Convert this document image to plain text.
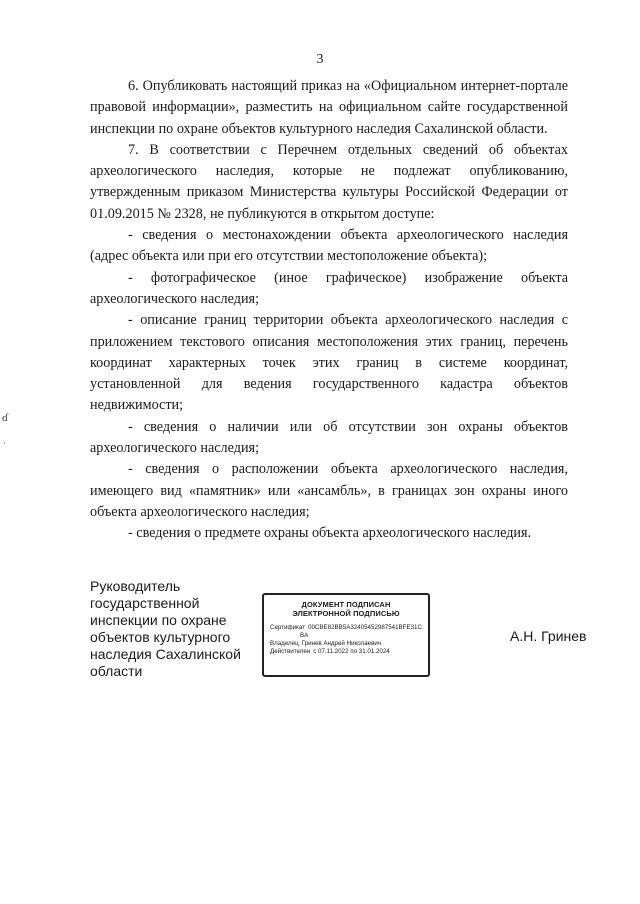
3

6. Опубликовать настоящий приказ на «Официальном интернет-портале правовой информации», разместить на официальном сайте государственной инспекции по охране объектов культурного наследия Сахалинской области.

7. В соответствии с Перечнем отдельных сведений об объектах археологического наследия, которые не подлежат опубликованию, утвержденным приказом Министерства культуры Российской Федерации от 01.09.2015 № 2328, не публикуются в открытом доступе:

- сведения о местонахождении объекта археологического наследия (адрес объекта или при его отсутствии местоположение объекта);

- фотографическое (иное графическое) изображение объекта археологического наследия;

- описание границ территории объекта археологического наследия с приложением текстового описания местоположения этих границ, перечень координат характерных точек этих границ в системе координат, установленной для ведения государственного кадастра объектов недвижимости;

- сведения о наличии или об отсутствии зон охраны объектов археологического наследия;

- сведения о расположении объекта археологического наследия, имеющего вид «памятник» или «ансамбль», в границах зон охраны иного объекта археологического наследия;

- сведения о предмете охраны объекта археологического наследия.

Руководитель
государственной
инспекции по охране
объектов культурного
наследия Сахалинской
области
ДОКУМЕНТ ПОДПИСАН
ЭЛЕКТРОННОЙ ПОДПИСЬЮ
Сертификат 00CBE82BB5A32405452987541BFE31C
BA
Владелец Гринев Андрей Николаевич
Действителен с 07.11.2022 по 31.01.2024
А.Н. Гринев
ɗ
·
